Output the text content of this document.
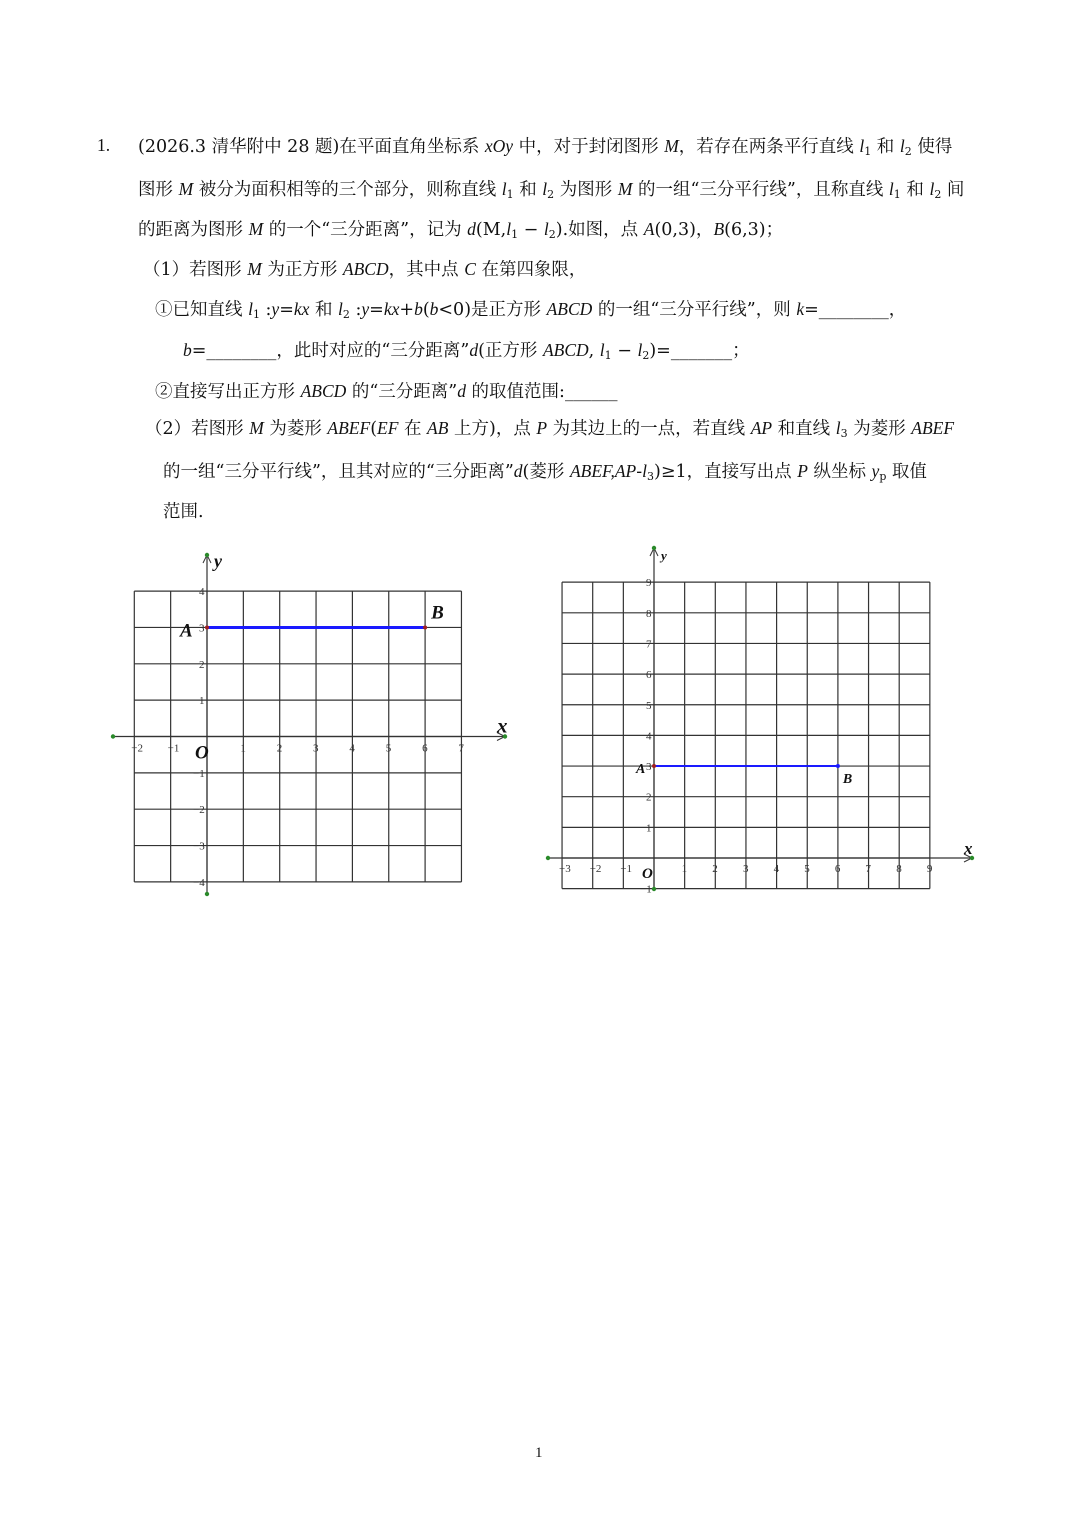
1. (2026.3 清华附中 28 题)在平面直角坐标系 xOy 中，对于封闭图形 M，若存在两条平行直线 $l_1$ 和 $l_2$ 使得
图形 M 被分为面积相等的三个部分，则称直线 $l_1$ 和 $l_2$ 为图形 M 的一组“三分平行线”，且称直线 $l_1$ 和 $l_2$ 间
的距离为图形 M 的一个“三分距离”，记为 $d(M,l_1 - l_2)$.如图，点 A(0,3)，B(6,3)；
（1）若图形 M 为正方形 ABCD，其中点 C 在第四象限，
①已知直线 $l_1$ :y=kx 和 $l_2$ :y=kx+b(b<0)是正方形 ABCD 的一组“三分平行线”，则 k=________，
b=________，此时对应的“三分距离”d(正方形 ABCD, $l_1$ − $l_2)=\_\_\_\_\_\_\_$；
②直接写出正方形 ABCD 的“三分距离”d 的取值范围:______
（2）若图形 M 为菱形 ABEF(EF 在 AB 上方)，点 P 为其边上的一点，若直线 AP 和直线 $l_3$ 为菱形 ABEF
的一组“三分平行线”，且其对应的“三分距离”d(菱形 $ABEF,AP-l_3)\ge 1$，直接写出点 P 纵坐标 $y_p$ 取值
范围.
−2 −1	1	2	3	4	5	6	7
−4
−3
−2
−1
1
2
3
4
O
x
y
A
B
−3 −2 −1	1 2 3 4 5 6 7 8 9
−1
1
2
3
4
5
6
7
8
9
O
x
y
A
B
1
